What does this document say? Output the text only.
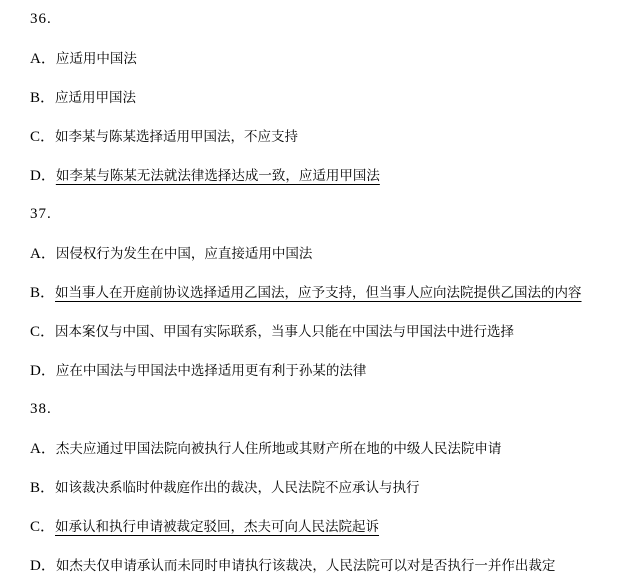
36.
A．应适用中国法
B．应适用甲国法
C．如李某与陈某选择适用甲国法，不应支持
D．如李某与陈某无法就法律选择达成一致，应适用甲国法
37.
A．因侵权行为发生在中国，应直接适用中国法
B．如当事人在开庭前协议选择适用乙国法，应予支持，但当事人应向法院提供乙国法的内容
C．因本案仅与中国、甲国有实际联系，当事人只能在中国法与甲国法中进行选择
D．应在中国法与甲国法中选择适用更有利于孙某的法律
38.
A．杰夫应通过甲国法院向被执行人住所地或其财产所在地的中级人民法院申请
B．如该裁决系临时仲裁庭作出的裁决，人民法院不应承认与执行
C．如承认和执行申请被裁定驳回，杰夫可向人民法院起诉
D．如杰夫仅申请承认而未同时申请执行该裁决，人民法院可以对是否执行一并作出裁定
